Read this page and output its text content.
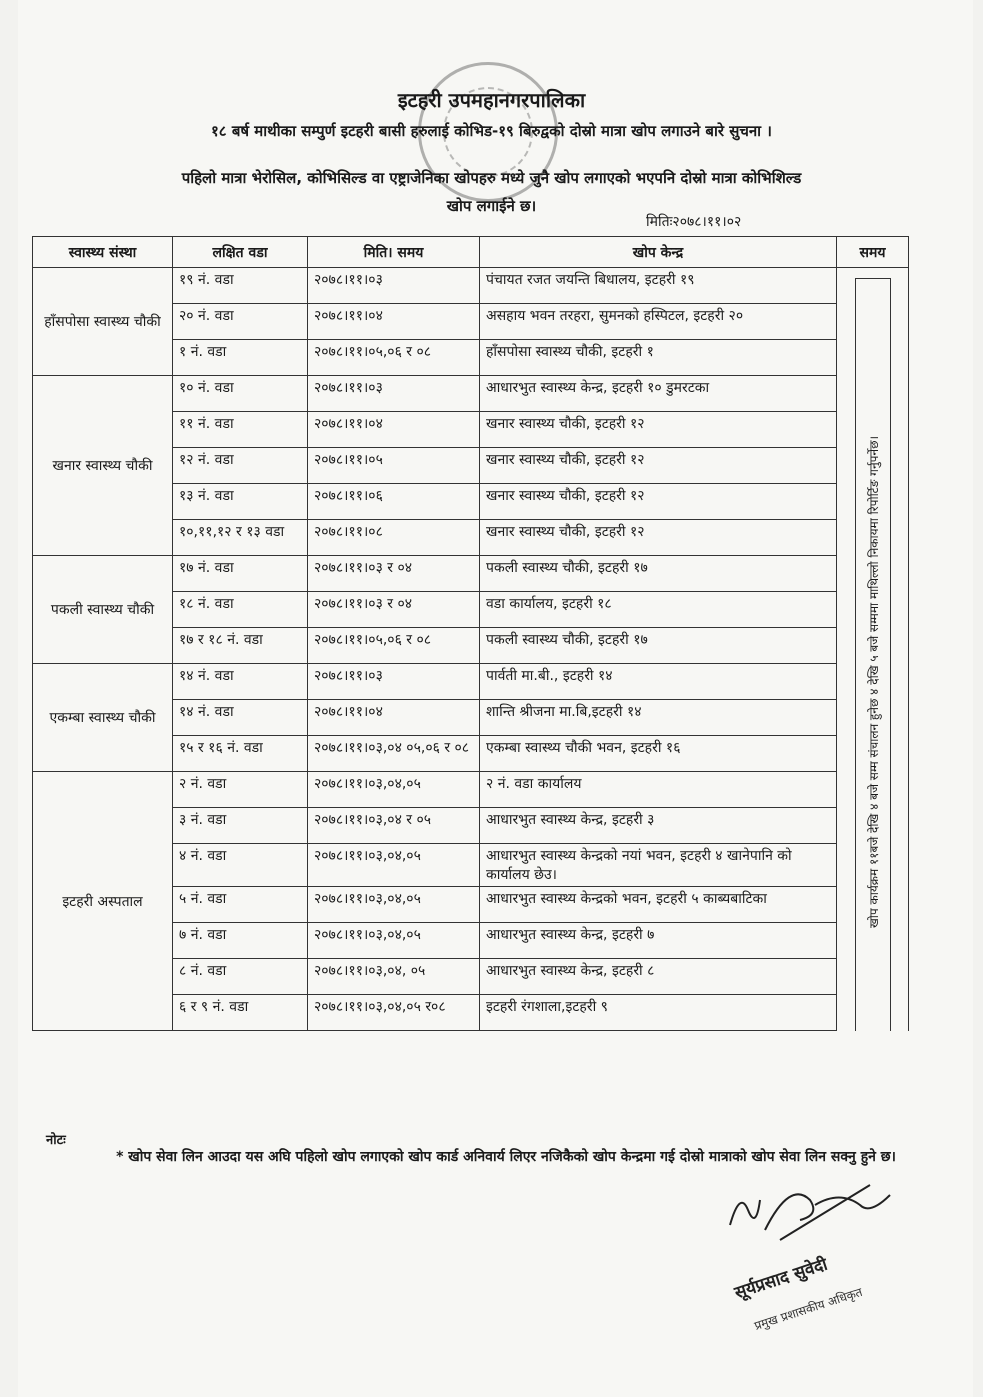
इटहरी उपमहानगरपालिका
१८ बर्ष माथीका सम्पुर्ण इटहरी बासी हरुलाई कोभिड-१९ बिरुद्वको दोस्रो मात्रा खोप लगाउने बारे सुचना ।
पहिलो मात्रा भेरोसिल, कोभिसिल्ड वा एष्ट्राजेनिका खोपहरु मध्ये जुनै खोप लगाएको भएपनि दोस्रो मात्रा कोभिशिल्ड
खोप लगाईने छ।
मितिः२०७८।११।०२
स्वास्थ्य संस्था	लक्षित वडा	मिति। समय	खोप केन्द्र	समय
हाँसपोसा स्वास्थ्य चौकी	१९ नं. वडा	२०७८।११।०३	पंचायत रजत जयन्ति बिधालय, इटहरी १९	खोप कार्यक्रम ११बजे देखि ४ बजे सम्म संचालन हुनेछ ४ देखि ५ बजे सम्ममा माथिल्लो निकायमा रिपोर्टिङ गर्नुपर्नेछ।

	२० नं. वडा	२०७८।११।०४	असहाय भवन तरहरा, सुमनको हस्पिटल, इटहरी २०	
	१ नं. वडा	२०७८।११।०५,०६ र ०८	हाँसपोसा स्वास्थ्य चौकी, इटहरी १	
खनार स्वास्थ्य चौकी	१० नं. वडा	२०७८।११।०३	आधारभुत स्वास्थ्य केन्द्र, इटहरी १० डुमरटका	
	११ नं. वडा	२०७८।११।०४	खनार स्वास्थ्य चौकी, इटहरी १२	
	१२ नं. वडा	२०७८।११।०५	खनार स्वास्थ्य चौकी, इटहरी १२	
	१३ नं. वडा	२०७८।११।०६	खनार स्वास्थ्य चौकी, इटहरी १२	
	१०,११,१२ र १३ वडा	२०७८।११।०८	खनार स्वास्थ्य चौकी, इटहरी १२	
पकली स्वास्थ्य चौकी	१७ नं. वडा	२०७८।११।०३ र ०४	पकली स्वास्थ्य चौकी, इटहरी १७	
	१८ नं. वडा	२०७८।११।०३ र ०४	वडा कार्यालय, इटहरी १८	
	१७ र १८ नं. वडा	२०७८।११।०५,०६ र ०८	पकली स्वास्थ्य चौकी, इटहरी १७	
एकम्बा स्वास्थ्य चौकी	१४ नं. वडा	२०७८।११।०३	पार्वती मा.बी., इटहरी १४	
	१४ नं. वडा	२०७८।११।०४	शान्ति श्रीजना मा.बि,इटहरी १४	
	१५ र १६ नं. वडा	२०७८।११।०३,०४ ०५,०६ र ०८	एकम्बा स्वास्थ्य चौकी भवन, इटहरी १६	
इटहरी अस्पताल	२ नं. वडा	२०७८।११।०३,०४,०५	२ नं. वडा कार्यालय	
	३ नं. वडा	२०७८।११।०३,०४ र ०५	आधारभुत स्वास्थ्य केन्द्र, इटहरी ३	
	४ नं. वडा	२०७८।११।०३,०४,०५	आधारभुत स्वास्थ्य केन्द्रको नयां भवन, इटहरी ४ खानेपानि को कार्यालय छेउ।	
	५ नं. वडा	२०७८।११।०३,०४,०५	आधारभुत स्वास्थ्य केन्द्रको भवन, इटहरी ५ काब्यबाटिका	
	७ नं. वडा	२०७८।११।०३,०४,०५	आधारभुत स्वास्थ्य केन्द्र, इटहरी ७	
	८ नं. वडा	२०७८।११।०३,०४, ०५	आधारभुत स्वास्थ्य केन्द्र, इटहरी ८	
	६ र ९ नं. वडा	२०७८।११।०३,०४,०५ र०८	इटहरी रंगशाला,इटहरी ९	
नोटः
* खोप सेवा लिन आउदा यस अघि पहिलो खोप लगाएको खोप कार्ड अनिवार्य लिएर नजिकैको खोप केन्द्रमा गई दोस्रो मात्राको खोप सेवा लिन सक्नु हुने छ।
सूर्यप्रसाद सुवेदी
प्रमुख प्रशासकीय अधिकृत
